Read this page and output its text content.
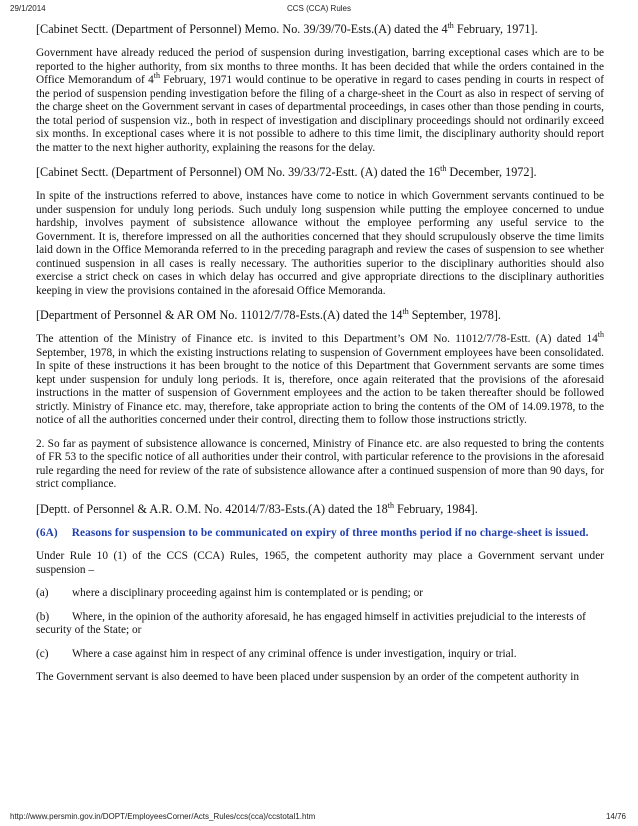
29/1/2014	CCS (CCA) Rules

[Cabinet Sectt. (Department of Personnel) Memo. No. 39/39/70-Ests.(A) dated the 4th February, 1971].

Government have already reduced the period of suspension during investigation, barring exceptional cases which are to be reported to the higher authority, from six months to three months. It has been decided that while the orders contained in the Office Memorandum of 4th February, 1971 would continue to be operative in regard to cases pending in courts in respect of the period of suspension pending investigation before the filing of a charge-sheet in the Court as also in respect of serving of the charge sheet on the Government servant in cases of departmental proceedings, in cases other than those pending in courts, the total period of suspension viz., both in respect of investigation and disciplinary proceedings should not ordinarily exceed six months. In exceptional cases where it is not possible to adhere to this time limit, the disciplinary authority should report the matter to the next higher authority, explaining the reasons for the delay.

[Cabinet Sectt. (Department of Personnel) OM No. 39/33/72-Estt. (A) dated the 16th December, 1972].

In spite of the instructions referred to above, instances have come to notice in which Government servants continued to be under suspension for unduly long periods. Such unduly long suspension while putting the employee concerned to undue hardship, involves payment of subsistence allowance without the employee performing any useful service to the Government. It is, therefore impressed on all the authorities concerned that they should scrupulously observe the time limits laid down in the Office Memoranda referred to in the preceding paragraph and review the cases of suspension to see whether continued suspension in all cases is really necessary. The authorities superior to the disciplinary authorities should also exercise a strict check on cases in which delay has occurred and give appropriate directions to the disciplinary authorities keeping in view the provisions contained in the aforesaid Office Memoranda.

[Department of Personnel & AR OM No. 11012/7/78-Ests.(A) dated the 14th September, 1978].

The attention of the Ministry of Finance etc. is invited to this Department’s OM No. 11012/7/78-Estt. (A) dated 14th September, 1978, in which the existing instructions relating to suspension of Government employees have been consolidated. In spite of these instructions it has been brought to the notice of this Department that Government servants are some times kept under suspension for unduly long periods. It is, therefore, once again reiterated that the provisions of the aforesaid instructions in the matter of suspension of Government employees and the action to be taken thereafter should be followed strictly. Ministry of Finance etc. may, therefore, take appropriate action to bring the contents of the OM of 14.09.1978, to the notice of all the authorities concerned under their control, directing them to follow those instructions strictly.

2. So far as payment of subsistence allowance is concerned, Ministry of Finance etc. are also requested to bring the contents of FR 53 to the specific notice of all authorities under their control, with particular reference to the provisions in the aforesaid rule regarding the need for review of the rate of subsistence allowance after a continued suspension of more than 90 days, for strict compliance.

[Deptt. of Personnel & A.R. O.M. No. 42014/7/83-Ests.(A) dated the 18th February, 1984].

(6A) Reasons for suspension to be communicated on expiry of three months period if no charge-sheet is issued.

Under Rule 10 (1) of the CCS (CCA) Rules, 1965, the competent authority may place a Government servant under suspension –

(a) where a disciplinary proceeding against him is contemplated or is pending; or

(b) Where, in the opinion of the authority aforesaid, he has engaged himself in activities prejudicial to the interests of security of the State; or

(c) Where a case against him in respect of any criminal offence is under investigation, inquiry or trial.

The Government servant is also deemed to have been placed under suspension by an order of the competent authority in

http://www.persmin.gov.in/DOPT/EmployeesCorner/Acts_Rules/ccs(cca)/ccstotal1.htm	14/76
